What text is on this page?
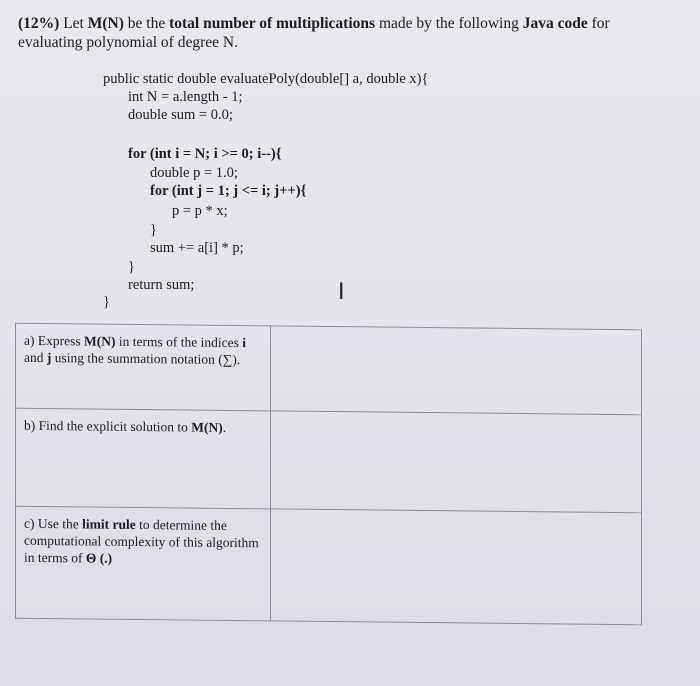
(12%) Let M(N) be the total number of multiplications made by the following Java code for evaluating polynomial of degree N.
public static double evaluatePoly(double[] a, double x){
int N = a.length - 1;
double sum = 0.0;
for (int i = N; i >= 0; i--){
double p = 1.0;
for (int j = 1; j <= i; j++){
p = p * x;
}
sum += a[i] * p;
}
return sum;
}	I
a) Express M(N) in terms of the indices i and j using the summation notation (∑).	
b) Find the explicit solution to M(N).	
c) Use the limit rule to determine the computational complexity of this algorithm in terms of Θ (.)	
